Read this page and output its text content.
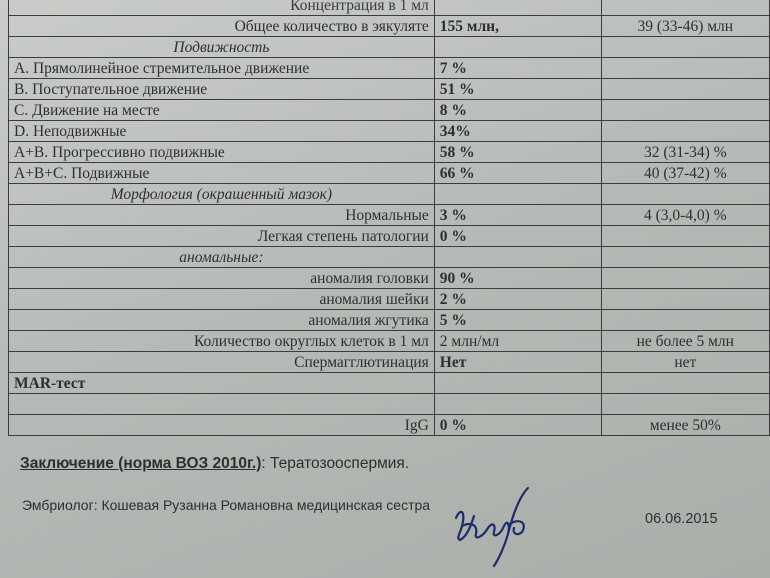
Концентрация в 1 мл		
Общее количество в эякуляте	155 млн,	39 (33-46) млн
Подвижность		
A. Прямолинейное стремительное движение	7 %	
B. Поступательное движение	51 %	
C. Движение на месте	8 %	
D. Неподвижные	34%	
A+B. Прогрессивно подвижные	58 %	32 (31-34) %
A+B+C. Подвижные	66 %	40 (37-42) %
Морфология (окрашенный мазок)		
Нормальные	3 %	4 (3,0-4,0) %
Легкая степень патологии	0 %	
аномальные:		
аномалия головки	90 %	
аномалия шейки	2 %	
аномалия жгутика	5 %	
Количество округлых клеток в 1 мл	2 млн/мл	не более 5 млн
Спермагглютинация	Нет	нет
MAR-тест		

IgG	0 %	менее 50%
Заключение (норма ВОЗ 2010г.): Тератозооспермия.
Эмбриолог: Кошевая Рузанна Романовна медицинская сестра
06.06.2015
